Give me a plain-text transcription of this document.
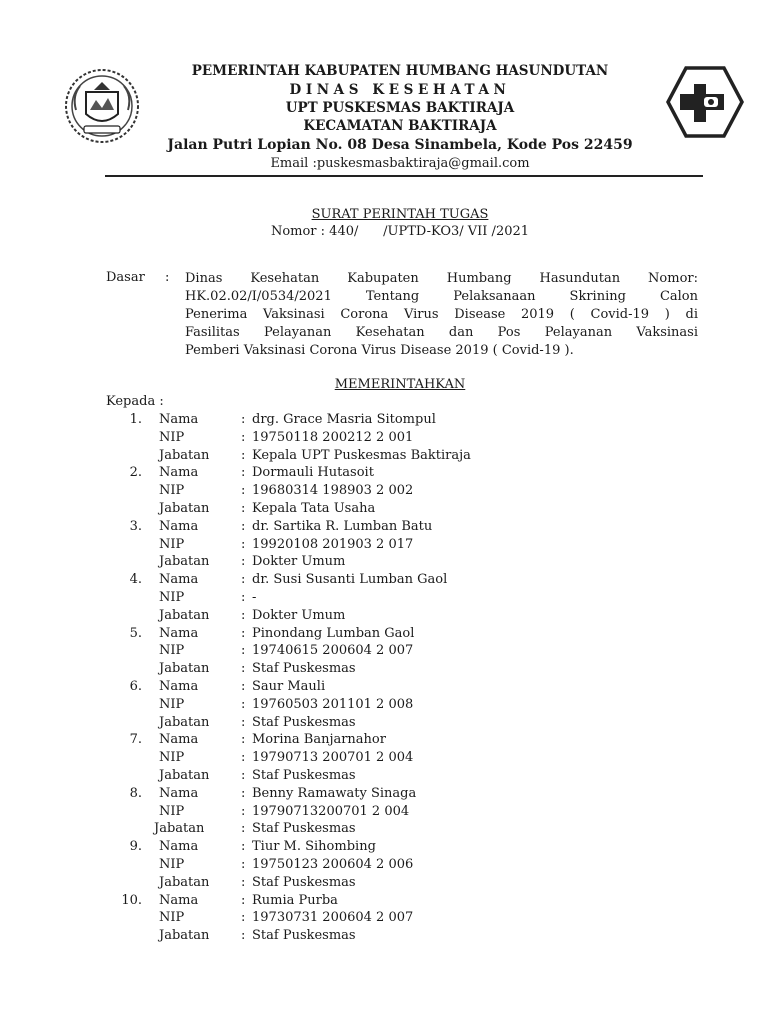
PEMERINTAH KABUPATEN HUMBANG HASUNDUTAN
DINAS KESEHATAN
UPT PUSKESMAS BAKTIRAJA
KECAMATAN BAKTIRAJA
Jalan Putri Lopian No. 08 Desa Sinambela, Kode Pos 22459
Email :puskesmasbaktiraja@gmail.com
SURAT PERINTAH TUGAS
Nomor : 440/      /UPTD-KO3/ VII /2021
Dasar : Dinas Kesehatan Kabupaten Humbang Hasundutan Nomor:
HK.02.02/I/0534/2021 Tentang Pelaksanaan Skrining Calon
Penerima Vaksinasi Corona Virus Disease 2019 ( Covid-19 ) di
Fasilitas Pelayanan Kesehatan dan Pos Pelayanan Vaksinasi
Pemberi Vaksinasi Corona Virus Disease 2019 ( Covid-19 ).
MEMERINTAHKAN
Kepada :
1. Nama	: drg. Grace Masria Sitompul
NIP	: 19750118 200212 2 001
Jabatan : Kepala UPT Puskesmas Baktiraja
2. Nama	: Dormauli Hutasoit
NIP	: 19680314 198903 2 002
Jabatan : Kepala Tata Usaha
3. Nama	: dr. Sartika R. Lumban Batu
NIP	: 19920108 201903 2 017
Jabatan : Dokter Umum
4. Nama	: dr. Susi Susanti Lumban Gaol
NIP	: -
Jabatan : Dokter Umum
5. Nama	: Pinondang Lumban Gaol
NIP	: 19740615 200604 2 007
Jabatan : Staf Puskesmas
6. Nama	: Saur Mauli
NIP	: 19760503 201101 2 008
Jabatan : Staf Puskesmas
7. Nama	: Morina Banjarnahor
NIP	: 19790713 200701 2 004
Jabatan : Staf Puskesmas
8. Nama	: Benny Ramawaty Sinaga
NIP	: 19790713200701 2 004
Jabatan	: Staf Puskesmas
9. Nama	: Tiur M. Sihombing
NIP	: 19750123 200604 2 006
Jabatan : Staf Puskesmas
10. Nama	: Rumia Purba
NIP	: 19730731 200604 2 007
Jabatan : Staf Puskesmas
